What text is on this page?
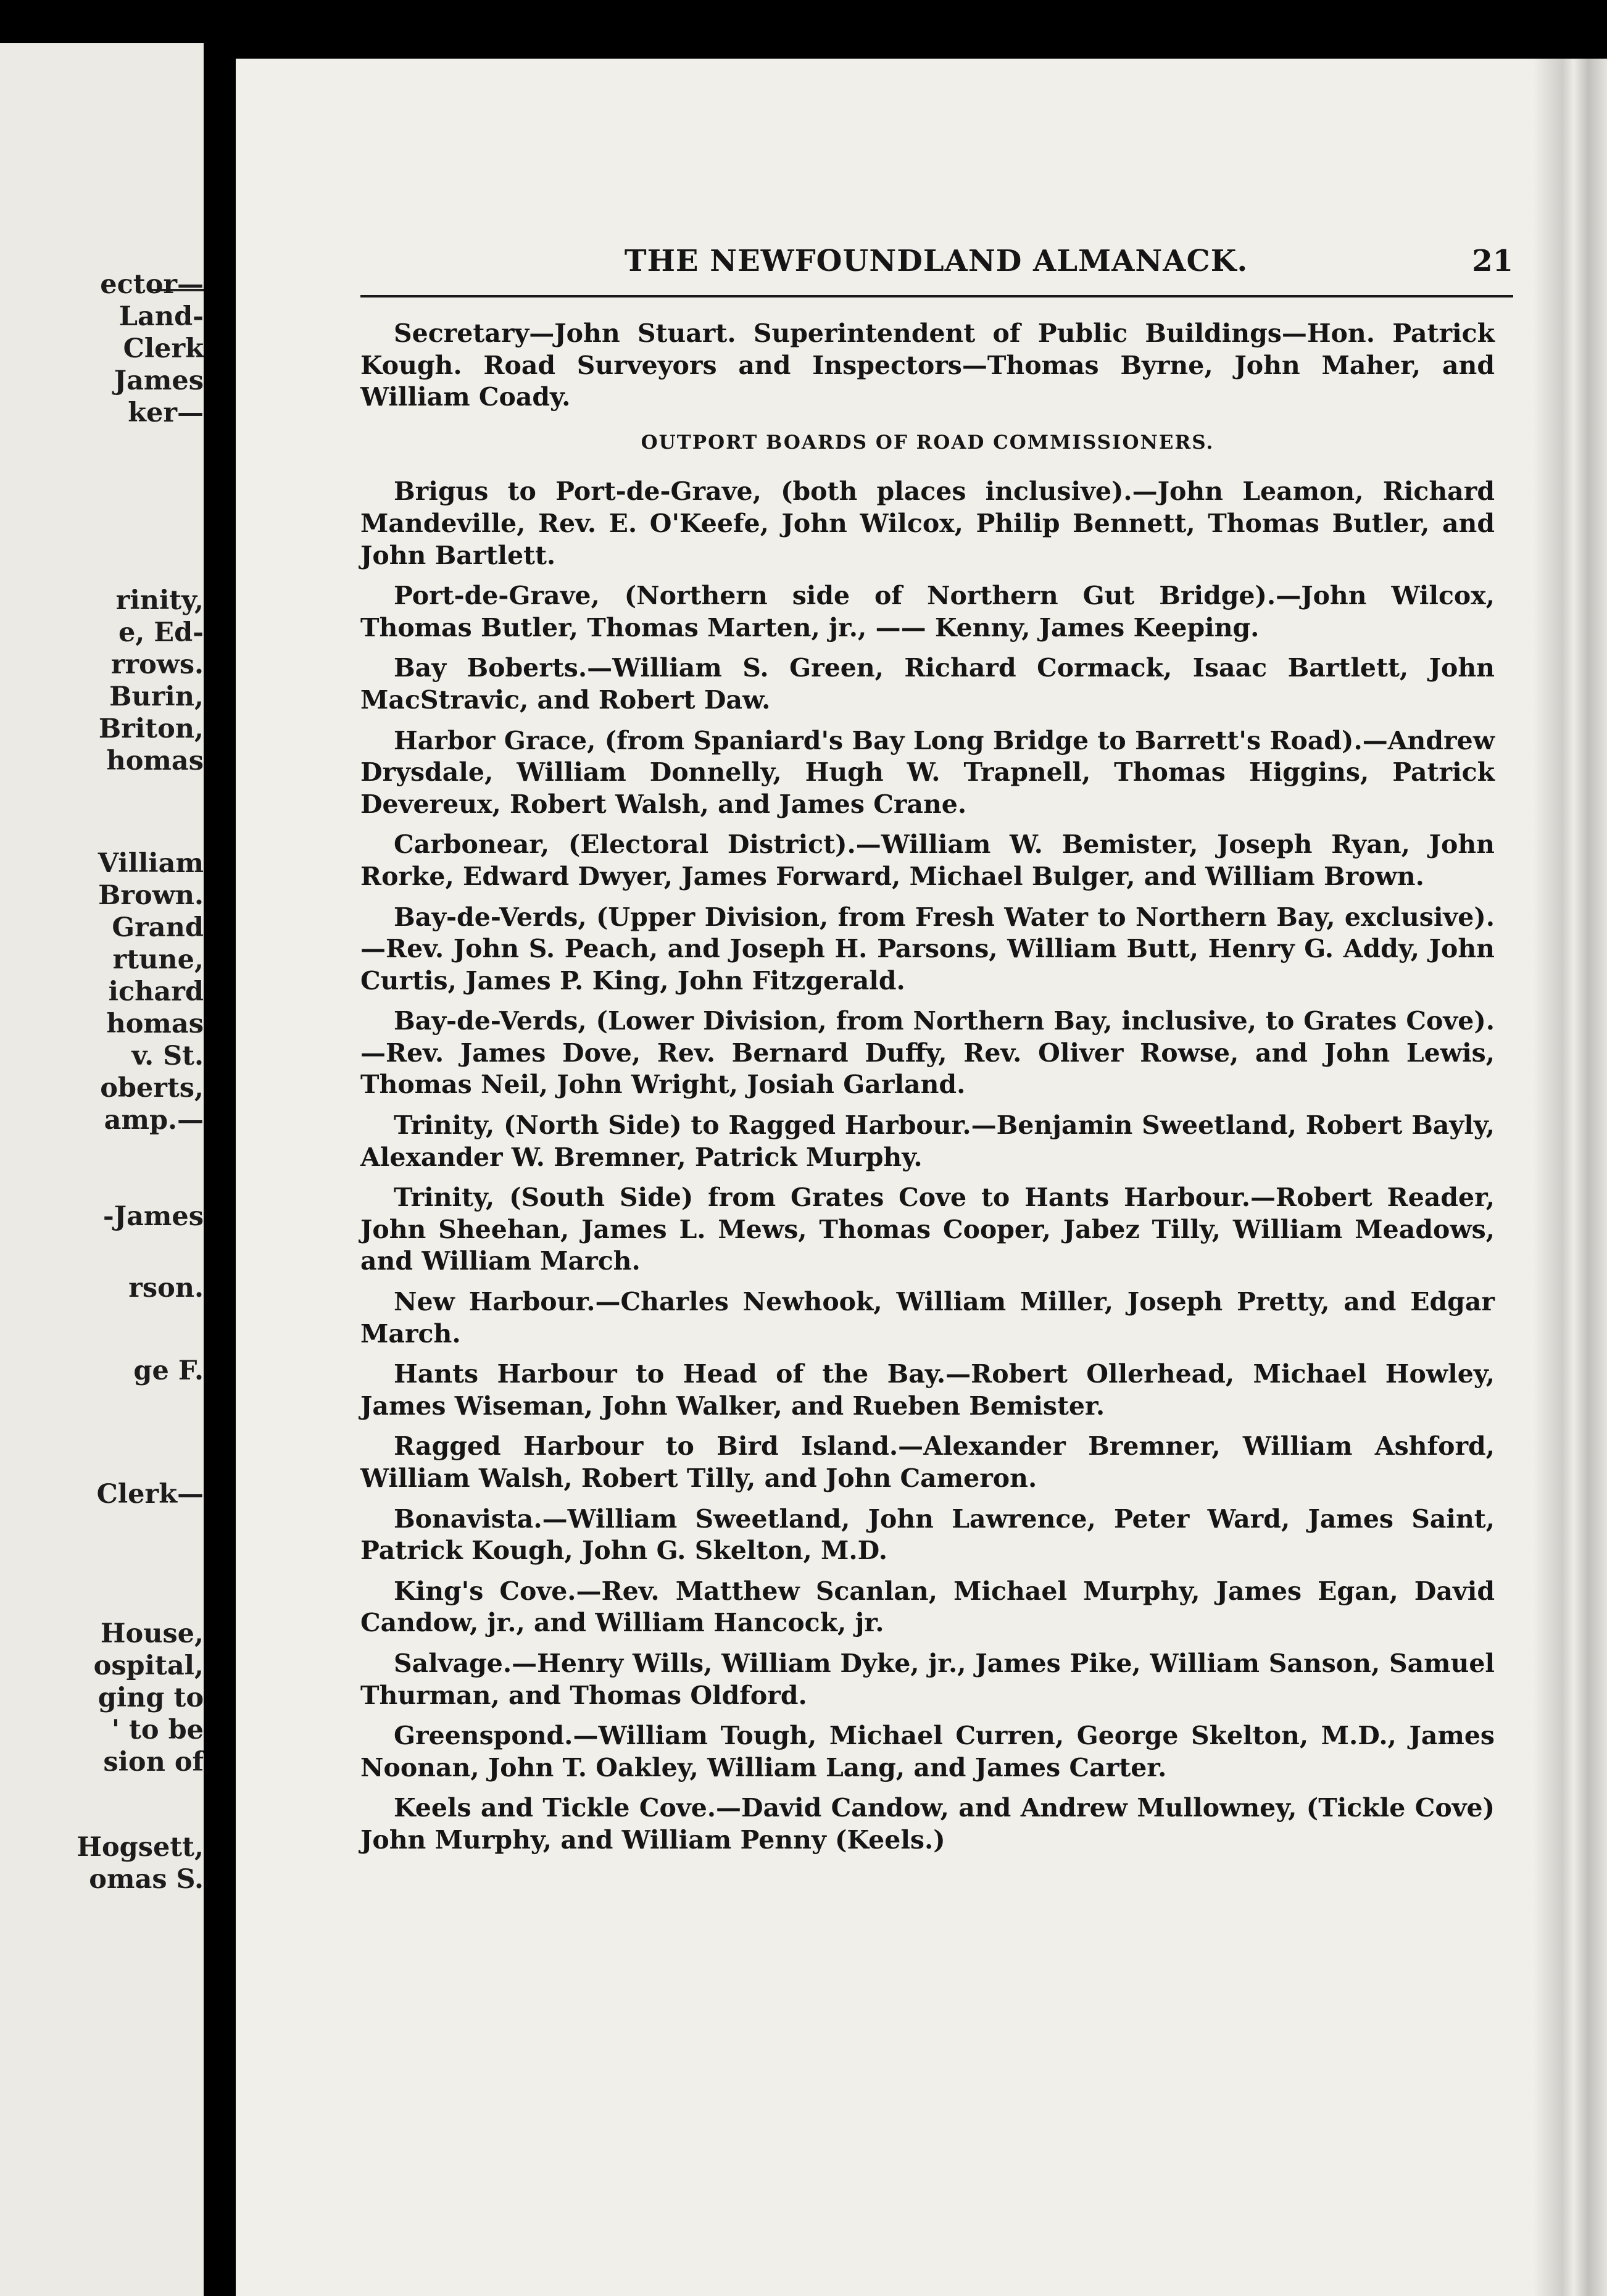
ector—
Land-
Clerk
James
ker—
rinity,
e, Ed-
rrows.
Burin,
Briton,
homas
Villiam
Brown.
Grand
rtune,
ichard
homas
v. St.
oberts,
amp.—
-James
rson.
ge F.
Clerk—
House,
ospital,
ging to
' to be
sion of
Hogsett,
omas S.
THE NEWFOUNDLAND ALMANACK.	21

Secretary—John Stuart. Superintendent of Public Buildings—Hon. Patrick Kough. Road Surveyors and Inspectors—Thomas Byrne, John Maher, and William Coady.

OUTPORT BOARDS OF ROAD COMMISSIONERS.

Brigus to Port-de-Grave, (both places inclusive).—John Leamon, Richard Mandeville, Rev. E. O'Keefe, John Wilcox, Philip Bennett, Thomas Butler, and John Bartlett.

Port-de-Grave, (Northern side of Northern Gut Bridge).—John Wilcox, Thomas Butler, Thomas Marten, jr., —— Kenny, James Keeping.

Bay Boberts.—William S. Green, Richard Cormack, Isaac Bartlett, John MacStravic, and Robert Daw.

Harbor Grace, (from Spaniard's Bay Long Bridge to Barrett's Road).—Andrew Drysdale, William Donnelly, Hugh W. Trapnell, Thomas Higgins, Patrick Devereux, Robert Walsh, and James Crane.

Carbonear, (Electoral District).—William W. Bemister, Joseph Ryan, John Rorke, Edward Dwyer, James Forward, Michael Bulger, and William Brown.

Bay-de-Verds, (Upper Division, from Fresh Water to Northern Bay, exclusive).—Rev. John S. Peach, and Joseph H. Parsons, William Butt, Henry G. Addy, John Curtis, James P. King, John Fitzgerald.

Bay-de-Verds, (Lower Division, from Northern Bay, inclusive, to Grates Cove).—Rev. James Dove, Rev. Bernard Duffy, Rev. Oliver Rowse, and John Lewis, Thomas Neil, John Wright, Josiah Garland.

Trinity, (North Side) to Ragged Harbour.—Benjamin Sweetland, Robert Bayly, Alexander W. Bremner, Patrick Murphy.

Trinity, (South Side) from Grates Cove to Hants Harbour.—Robert Reader, John Sheehan, James L. Mews, Thomas Cooper, Jabez Tilly, William Meadows, and William March.

New Harbour.—Charles Newhook, William Miller, Joseph Pretty, and Edgar March.

Hants Harbour to Head of the Bay.—Robert Ollerhead, Michael Howley, James Wiseman, John Walker, and Rueben Bemister.

Ragged Harbour to Bird Island.—Alexander Bremner, William Ashford, William Walsh, Robert Tilly, and John Cameron.

Bonavista.—William Sweetland, John Lawrence, Peter Ward, James Saint, Patrick Kough, John G. Skelton, M.D.

King's Cove.—Rev. Matthew Scanlan, Michael Murphy, James Egan, David Candow, jr., and William Hancock, jr.

Salvage.—Henry Wills, William Dyke, jr., James Pike, William Sanson, Samuel Thurman, and Thomas Oldford.

Greenspond.—William Tough, Michael Curren, George Skelton, M.D., James Noonan, John T. Oakley, William Lang, and James Carter.

Keels and Tickle Cove.—David Candow, and Andrew Mullowney, (Tickle Cove) John Murphy, and William Penny (Keels.)
